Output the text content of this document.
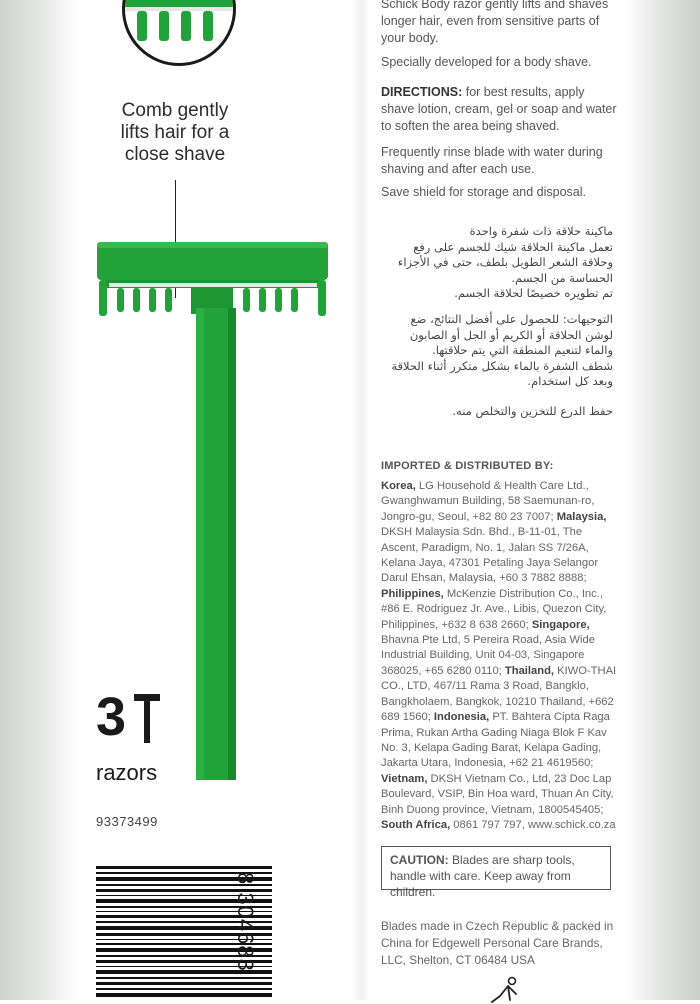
Comb gently
lifts hair for a
close shave
3
razors
93373499
8 304683
Schick Body razor gently lifts and shaves longer hair, even from sensitive parts of your body.
Specially developed for a body shave.
DIRECTIONS: for best results, apply shave lotion, cream, gel or soap and water to soften the area being shaved.
Frequently rinse blade with water during shaving and after each use.
Save shield for storage and disposal.
ماكينة حلاقة ذات شفرة واحدة
تعمل ماكينة الحلاقة شيك للجسم على رفع
وحلاقة الشعر الطويل بلطف، حتى في الأجزاء
الحساسة من الجسم.
تم تطويره خصيصًا لحلاقة الجسم.
التوجيهات: للحصول على أفضل النتائج، ضع
لوشن الحلاقة أو الكريم أو الجل أو الصابون
والماء لتنعيم المنطقة التي يتم حلاقتها.
شطف الشفرة بالماء بشكل متكرر أثناء الحلاقة
وبعد كل استخدام.
حفظ الدرع للتخزين والتخلص منه.
IMPORTED & DISTRIBUTED BY:
Korea, LG Household & Health Care Ltd., Gwanghwamun Building, 58 Saemunan-ro, Jongro-gu, Seoul, +82 80 23 7007; Malaysia, DKSH Malaysia Sdn. Bhd., B-11-01, The Ascent, Paradigm, No. 1, Jalan SS 7/26A, Kelana Jaya, 47301 Petaling Jaya Selangor Darul Ehsan, Malaysia, +60 3 7882 8888; Philippines, McKenzie Distribution Co., Inc., #86 E. Rodriguez Jr. Ave., Libis, Quezon City, Philippines, +632 8 638 2660; Singapore, Bhavna Pte Ltd, 5 Pereira Road, Asia Wide Industrial Building, Unit 04-03, Singapore 368025, +65 6280 0110; Thailand, KIWO-THAI CO., LTD, 467/11 Rama 3 Road, Bangklo, Bangkholaem, Bangkok, 10210 Thailand, +662 689 1560; Indonesia, PT. Bahtera Cipta Raga Prima, Rukan Artha Gading Niaga Blok F Kav No. 3, Kelapa Gading Barat, Kelapa Gading, Jakarta Utara, Indonesia, +62 21 4619560; Vietnam, DKSH Vietnam Co., Ltd, 23 Doc Lap Boulevard, VSIP, Bin Hoa ward, Thuan An City, Binh Duong province, Vietnam, 1800545405; South Africa, 0861 797 797, www.schick.co.za
CAUTION: Blades are sharp tools, handle with care. Keep away from children.
Blades made in Czech Republic & packed in China for Edgewell Personal Care Brands, LLC, Shelton, CT 06484 USA
